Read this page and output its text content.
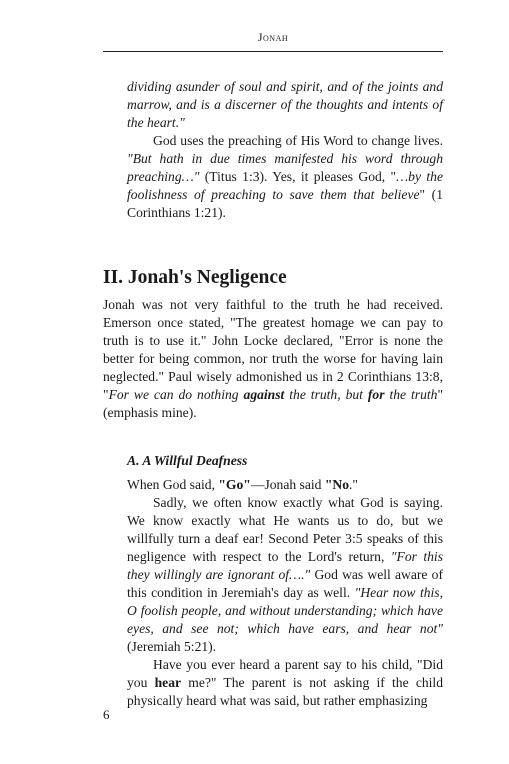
Jonah

dividing asunder of soul and spirit, and of the joints and marrow, and is a discerner of the thoughts and intents of the heart."

God uses the preaching of His Word to change lives. "But hath in due times manifested his word through preaching…" (Titus 1:3). Yes, it pleases God, "…by the foolishness of preaching to save them that believe" (1 Corinthians 1:21).

II. Jonah's Negligence

Jonah was not very faithful to the truth he had received. Emerson once stated, "The greatest homage we can pay to truth is to use it." John Locke declared, "Error is none the better for being common, nor truth the worse for having lain neglected." Paul wisely admonished us in 2 Corinthians 13:8, "For we can do nothing against the truth, but for the truth" (emphasis mine).

A. A Willful Deafness

When God said, "Go"—Jonah said "No."

Sadly, we often know exactly what God is saying. We know exactly what He wants us to do, but we willfully turn a deaf ear! Second Peter 3:5 speaks of this negligence with respect to the Lord's return, "For this they willingly are ignorant of…." God was well aware of this condition in Jeremiah's day as well. "Hear now this, O foolish people, and without understanding; which have eyes, and see not; which have ears, and hear not" (Jeremiah 5:21).

Have you ever heard a parent say to his child, "Did you hear me?" The parent is not asking if the child physically heard what was said, but rather emphasizing

6
